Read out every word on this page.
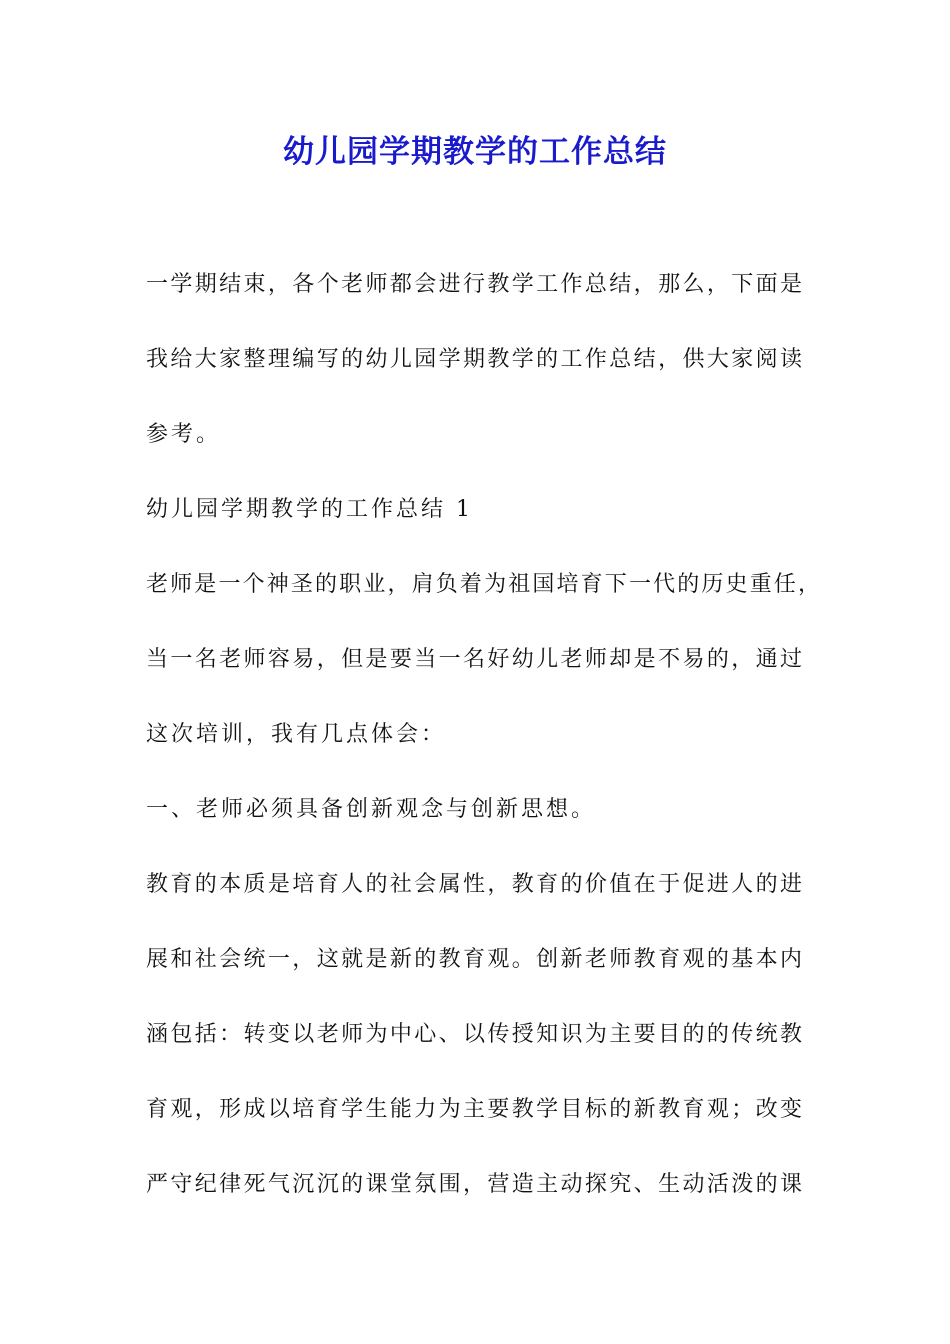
幼儿园学期教学的工作总结
一学期结束，各个老师都会进行教学工作总结，那么，下面是
我给大家整理编写的幼儿园学期教学的工作总结，供大家阅读
参考。
幼儿园学期教学的工作总结 1
老师是一个神圣的职业，肩负着为祖国培育下一代的历史重任，
当一名老师容易，但是要当一名好幼儿老师却是不易的，通过
这次培训，我有几点体会：
一、老师必须具备创新观念与创新思想。
教育的本质是培育人的社会属性，教育的价值在于促进人的进
展和社会统一，这就是新的教育观。创新老师教育观的基本内
涵包括：转变以老师为中心、以传授知识为主要目的的传统教
育观，形成以培育学生能力为主要教学目标的新教育观；改变
严守纪律死气沉沉的课堂氛围，营造主动探究、生动活泼的课
